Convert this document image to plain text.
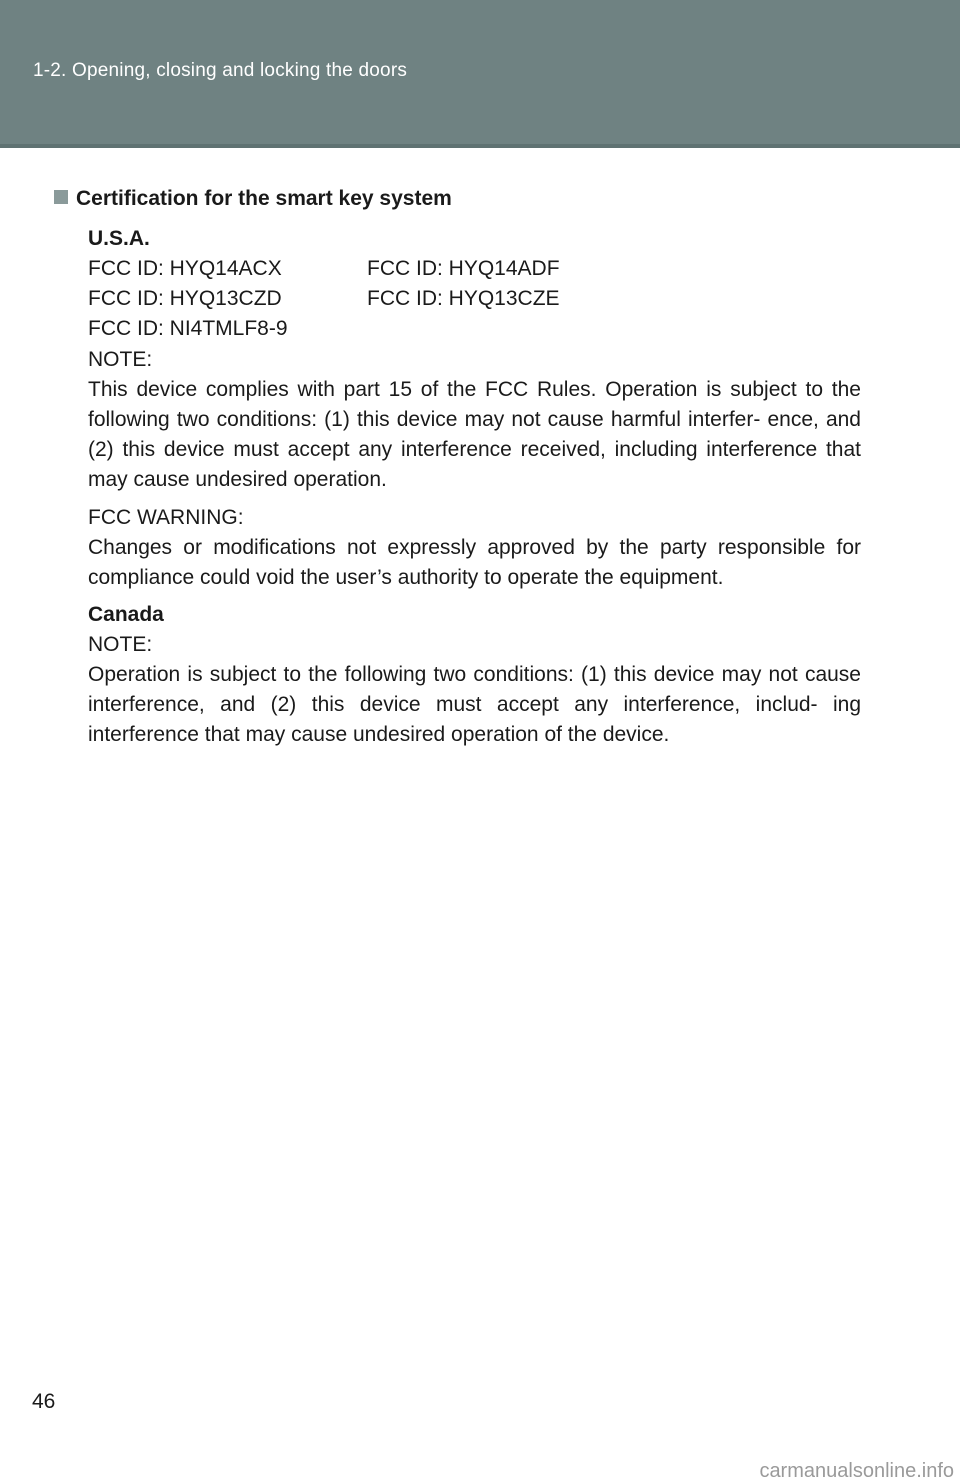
1-2. Opening, closing and locking the doors
Certification for the smart key system
U.S.A.
FCC ID: HYQ14ACX	FCC ID: HYQ14ADF
FCC ID: HYQ13CZD	FCC ID: HYQ13CZE
FCC ID: NI4TMLF8-9
NOTE:
This device complies with part 15 of the FCC Rules. Operation is subject to the following two conditions: (1) this device may not cause harmful interfer- ence, and (2) this device must accept any interference received, including interference that may cause undesired operation.
FCC WARNING:
Changes or modifications not expressly approved by the party responsible for compliance could void the user’s authority to operate the equipment.
Canada
NOTE:
Operation is subject to the following two conditions: (1) this device may not cause interference, and (2) this device must accept any interference, includ- ing interference that may cause undesired operation of the device.
46
carmanualsonline.info
